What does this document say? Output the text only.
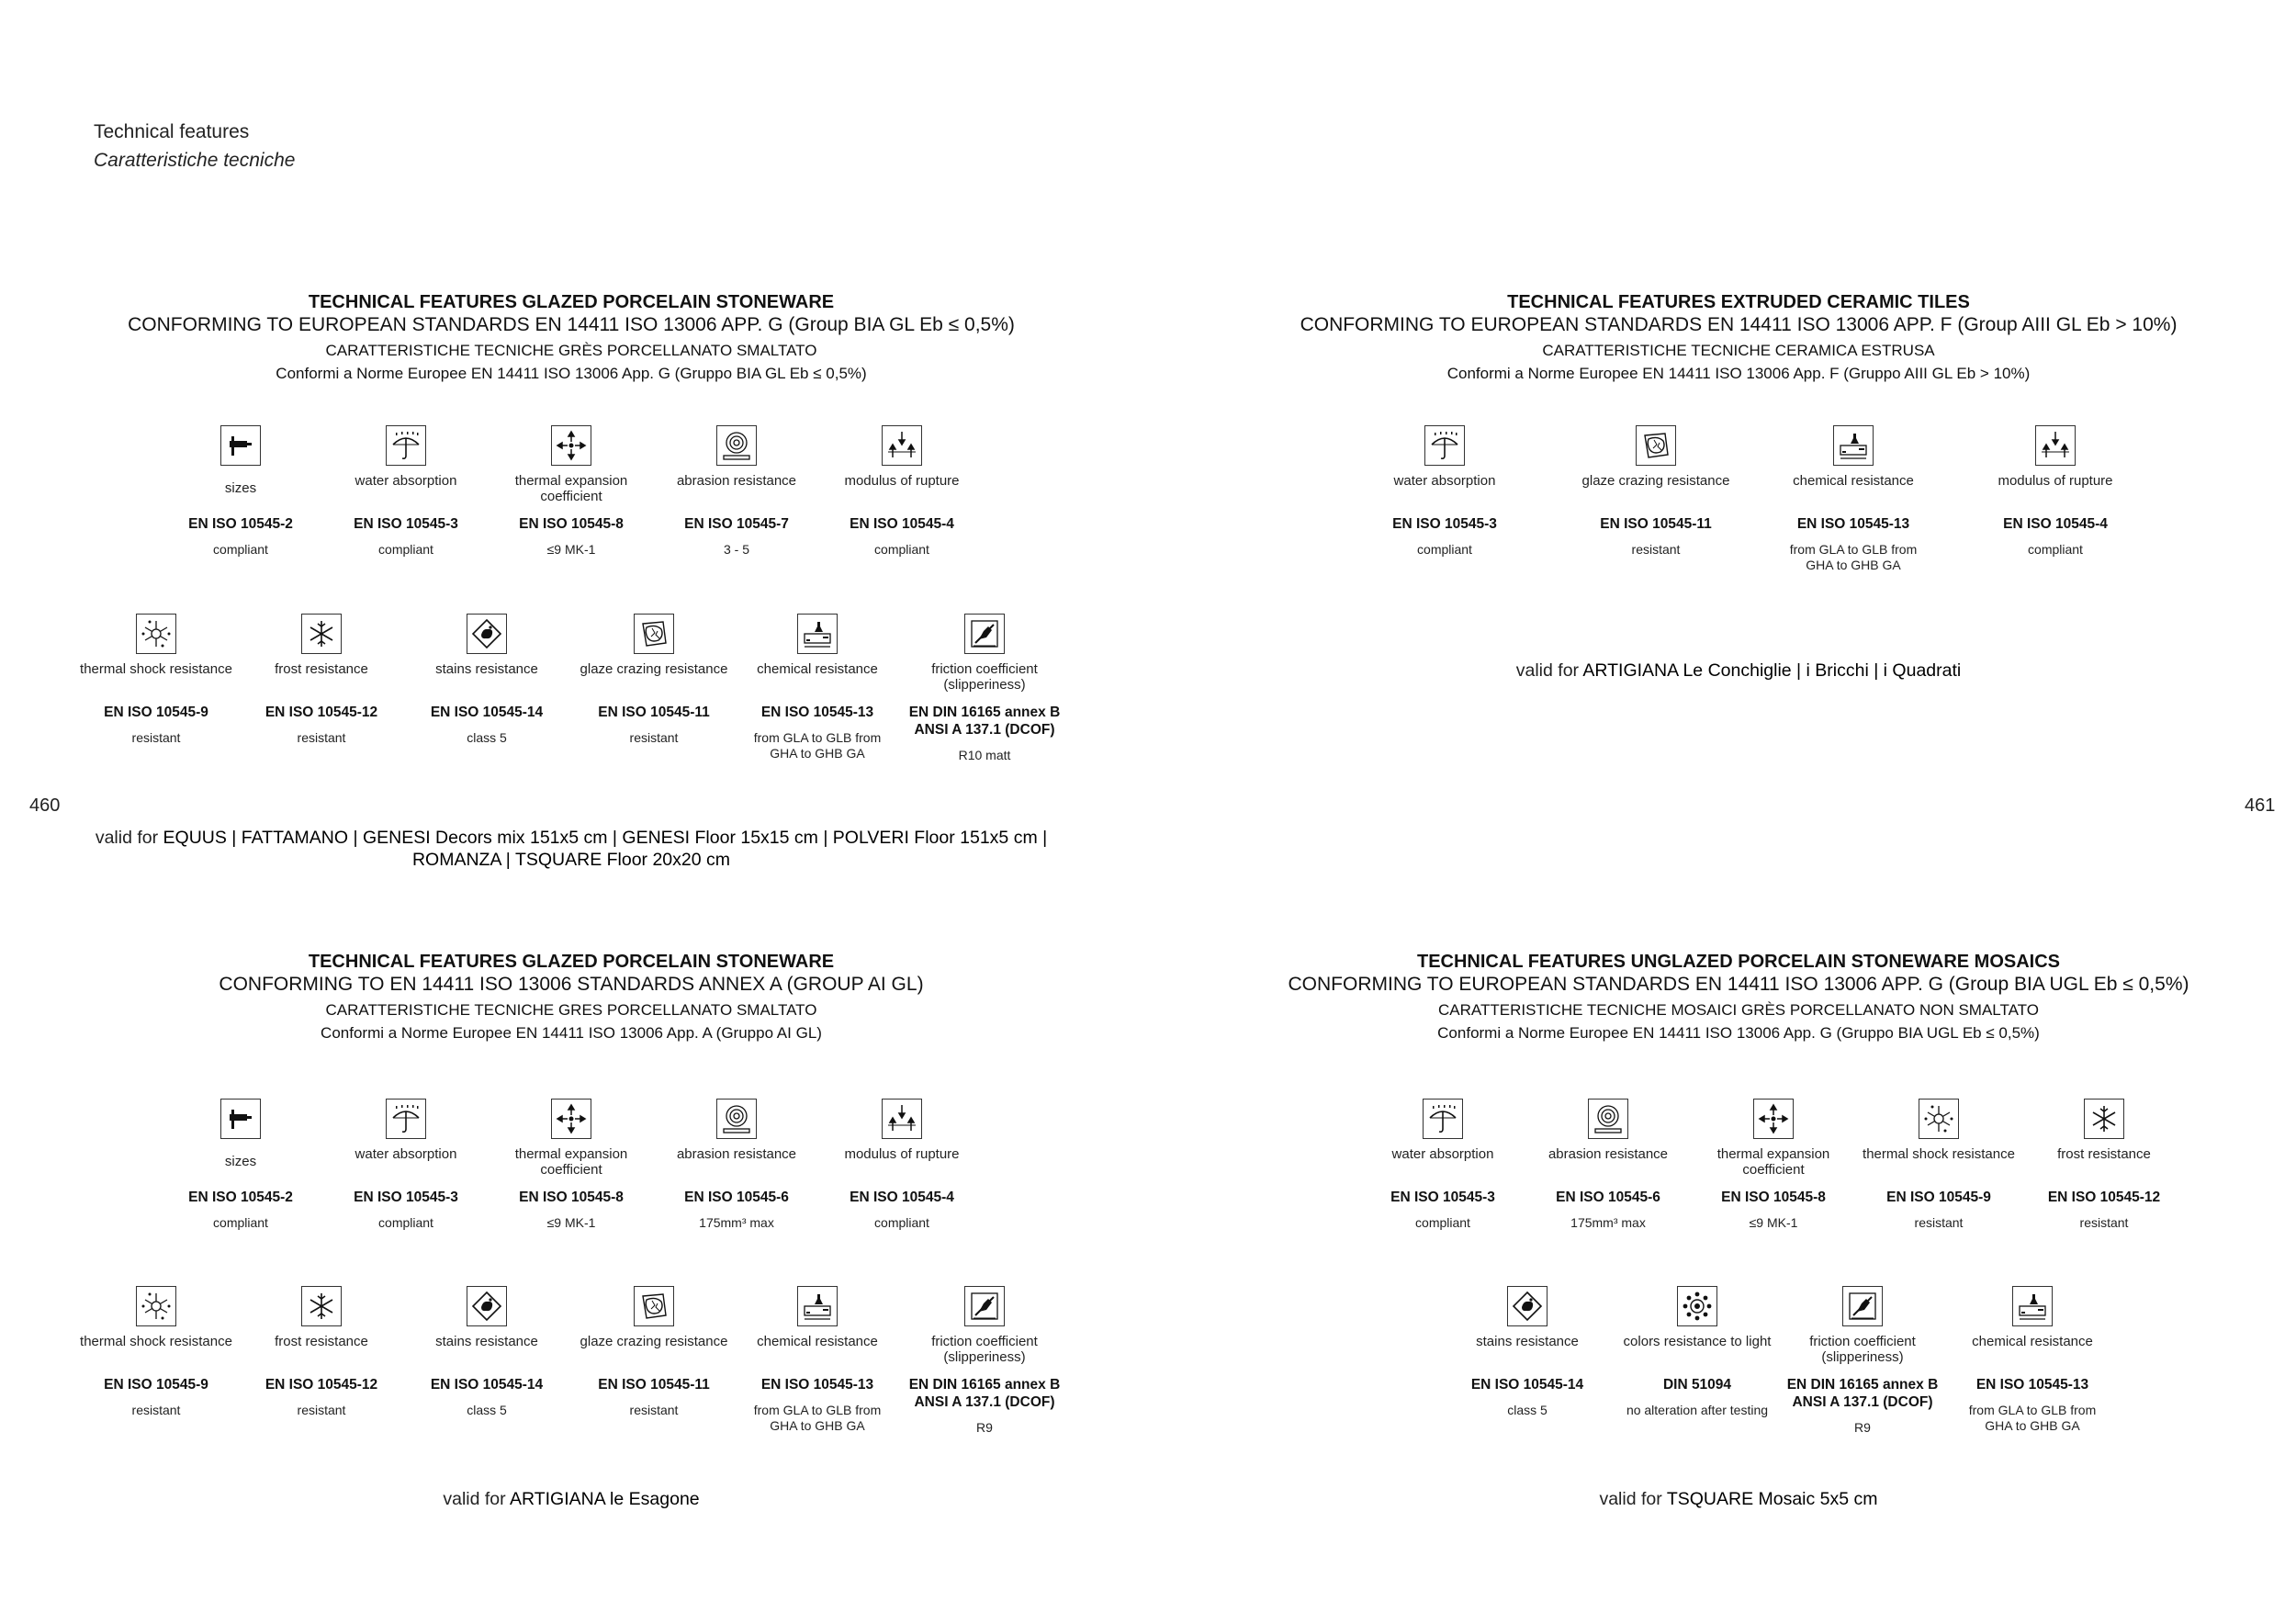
Technical features
Caratteristiche tecniche
460	461
TECHNICAL FEATURES GLAZED PORCELAIN STONEWARE
CONFORMING TO EUROPEAN STANDARDS EN 14411 ISO 13006 APP. G (Group BIA GL Eb ≤ 0,5%)
CARATTERISTICHE TECNICHE GRÈS PORCELLANATO SMALTATO
Conformi a Norme Europee EN 14411 ISO 13006 App. G (Gruppo BIA GL Eb ≤ 0,5%)
sizes
EN ISO 10545-2
compliant
water absorption
EN ISO 10545-3
compliant
thermal expansion coefficient
EN ISO 10545-8
≤9 MK-1
abrasion resistance
EN ISO 10545-7
3 - 5
modulus of rupture
EN ISO 10545-4
compliant
thermal shock resistance
EN ISO 10545-9
resistant
frost resistance
EN ISO 10545-12
resistant
stains resistance
EN ISO 10545-14
class 5
glaze crazing resistance
EN ISO 10545-11
resistant
chemical resistance
EN ISO 10545-13
from GLA to GLB from GHA to GHB GA
friction coefficient (slipperiness)
EN DIN 16165 annex B ANSI A 137.1 (DCOF)
R10 matt
valid for EQUUS | FATTAMANO | GENESI Decors mix 151x5 cm | GENESI Floor 15x15 cm | POLVERI Floor 151x5 cm | ROMANZA | TSQUARE Floor 20x20 cm
TECHNICAL FEATURES EXTRUDED CERAMIC TILES
CONFORMING TO EUROPEAN STANDARDS EN 14411 ISO 13006 APP. F (Group AIII GL Eb > 10%)
CARATTERISTICHE TECNICHE CERAMICA ESTRUSA
Conformi a Norme Europee EN 14411 ISO 13006 App. F (Gruppo AIII GL Eb > 10%)
water absorption
EN ISO 10545-3
compliant
glaze crazing resistance
EN ISO 10545-11
resistant
chemical resistance
EN ISO 10545-13
from GLA to GLB from GHA to GHB GA
modulus of rupture
EN ISO 10545-4
compliant
valid for ARTIGIANA Le Conchiglie | i Bricchi | i Quadrati
TECHNICAL FEATURES GLAZED PORCELAIN STONEWARE
CONFORMING TO EN 14411 ISO 13006 STANDARDS ANNEX A (GROUP AI GL)
CARATTERISTICHE TECNICHE GRES PORCELLANATO SMALTATO
Conformi a Norme Europee EN 14411 ISO 13006 App. A (Gruppo AI GL)
sizes
EN ISO 10545-2
compliant
water absorption
EN ISO 10545-3
compliant
thermal expansion coefficient
EN ISO 10545-8
≤9 MK-1
abrasion resistance
EN ISO 10545-6
175mm³ max
modulus of rupture
EN ISO 10545-4
compliant
thermal shock resistance
EN ISO 10545-9
resistant
frost resistance
EN ISO 10545-12
resistant
stains resistance
EN ISO 10545-14
class 5
glaze crazing resistance
EN ISO 10545-11
resistant
chemical resistance
EN ISO 10545-13
from GLA to GLB from GHA to GHB GA
friction coefficient (slipperiness)
EN DIN 16165 annex B ANSI A 137.1 (DCOF)
R9
valid for ARTIGIANA le Esagone
TECHNICAL FEATURES UNGLAZED PORCELAIN STONEWARE MOSAICS
CONFORMING TO EUROPEAN STANDARDS EN 14411 ISO 13006 APP. G (Group BIA UGL Eb ≤ 0,5%)
CARATTERISTICHE TECNICHE MOSAICI GRÈS PORCELLANATO NON SMALTATO
Conformi a Norme Europee EN 14411 ISO 13006 App. G (Gruppo BIA UGL Eb ≤ 0,5%)
water absorption
EN ISO 10545-3
compliant
abrasion resistance
EN ISO 10545-6
175mm³ max
thermal expansion coefficient
EN ISO 10545-8
≤9 MK-1
thermal shock resistance
EN ISO 10545-9
resistant
frost resistance
EN ISO 10545-12
resistant
stains resistance
EN ISO 10545-14
class 5
colors resistance to light
DIN 51094
no alteration after testing
friction coefficient (slipperiness)
EN DIN 16165 annex B ANSI A 137.1 (DCOF)
R9
chemical resistance
EN ISO 10545-13
from GLA to GLB from GHA to GHB GA
valid for TSQUARE Mosaic 5x5 cm
